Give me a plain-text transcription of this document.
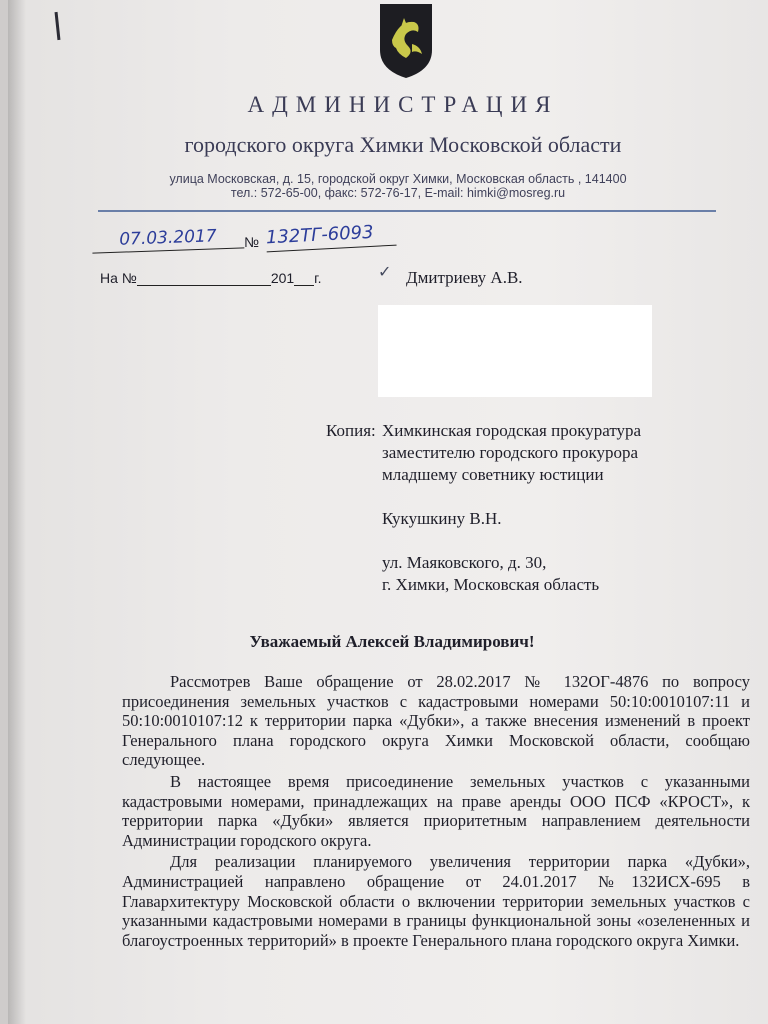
АДМИНИСТРАЦИЯ
городского округа Химки Московской области
улица Московская, д. 15, городской округ Химки, Московская область , 141400
тел.: 572-65-00, факс: 572-76-17, E-mail: himki@mosreg.ru
07.03.2017	№ 132ТГ-6093
На №	201 г.	✓ Дмитриеву А.В.
Копия: Химкинская городская прокуратура
заместителю городского прокурора
младшему советнику юстиции
Кукушкину В.Н.
ул. Маяковского, д. 30,
г. Химки, Московская область
Уважаемый Алексей Владимирович!

Рассмотрев Ваше обращение от 28.02.2017 № 132ОГ-4876 по вопросу присоединения земельных участков с кадастровыми номерами 50:10:0010107:11 и 50:10:0010107:12 к территории парка «Дубки», а также внесения изменений в проект Генерального плана городского округа Химки Московской области, сообщаю следующее.

В настоящее время присоединение земельных участков с указанными кадастровыми номерами, принадлежащих на праве аренды ООО ПСФ «КРОСТ», к территории парка «Дубки» является приоритетным направлением деятельности Администрации городского округа.

Для реализации планируемого увеличения территории парка «Дубки», Администрацией направлено обращение от 24.01.2017 №132ИСХ-695 в Главархитектуру Московской области о включении территории земельных участков с указанными кадастровыми номерами в границы функциональной зоны «озелененных и благоустроенных территорий» в проекте Генерального плана городского округа Химки.
